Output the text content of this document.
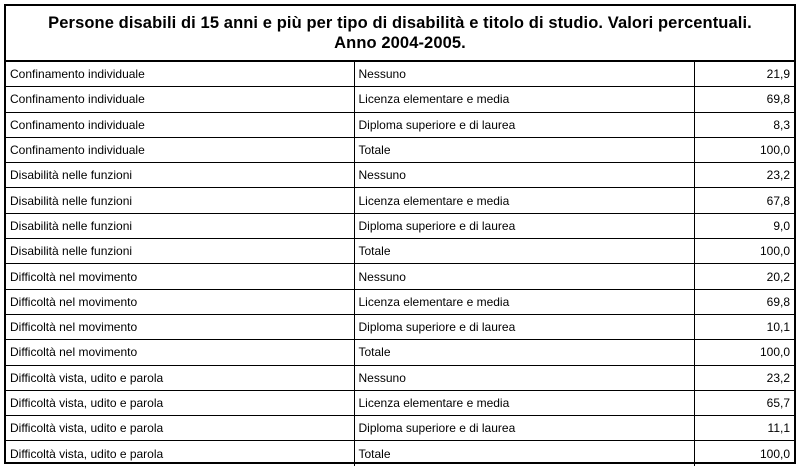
Persone disabili di 15 anni e più per tipo di disabilità e titolo di studio. Valori percentuali. Anno 2004-2005.
Confinamento individuale	Nessuno	21,9
Confinamento individuale	Licenza elementare e media	69,8
Confinamento individuale	Diploma superiore e di laurea	8,3
Confinamento individuale	Totale	100,0
Disabilità nelle funzioni	Nessuno	23,2
Disabilità nelle funzioni	Licenza elementare e media	67,8
Disabilità nelle funzioni	Diploma superiore e di laurea	9,0
Disabilità nelle funzioni	Totale	100,0
Difficoltà nel movimento	Nessuno	20,2
Difficoltà nel movimento	Licenza elementare e media	69,8
Difficoltà nel movimento	Diploma superiore e di laurea	10,1
Difficoltà nel movimento	Totale	100,0
Difficoltà vista, udito e parola	Nessuno	23,2
Difficoltà vista, udito e parola	Licenza elementare e media	65,7
Difficoltà vista, udito e parola	Diploma superiore e di laurea	11,1
Difficoltà vista, udito e parola	Totale	100,0
